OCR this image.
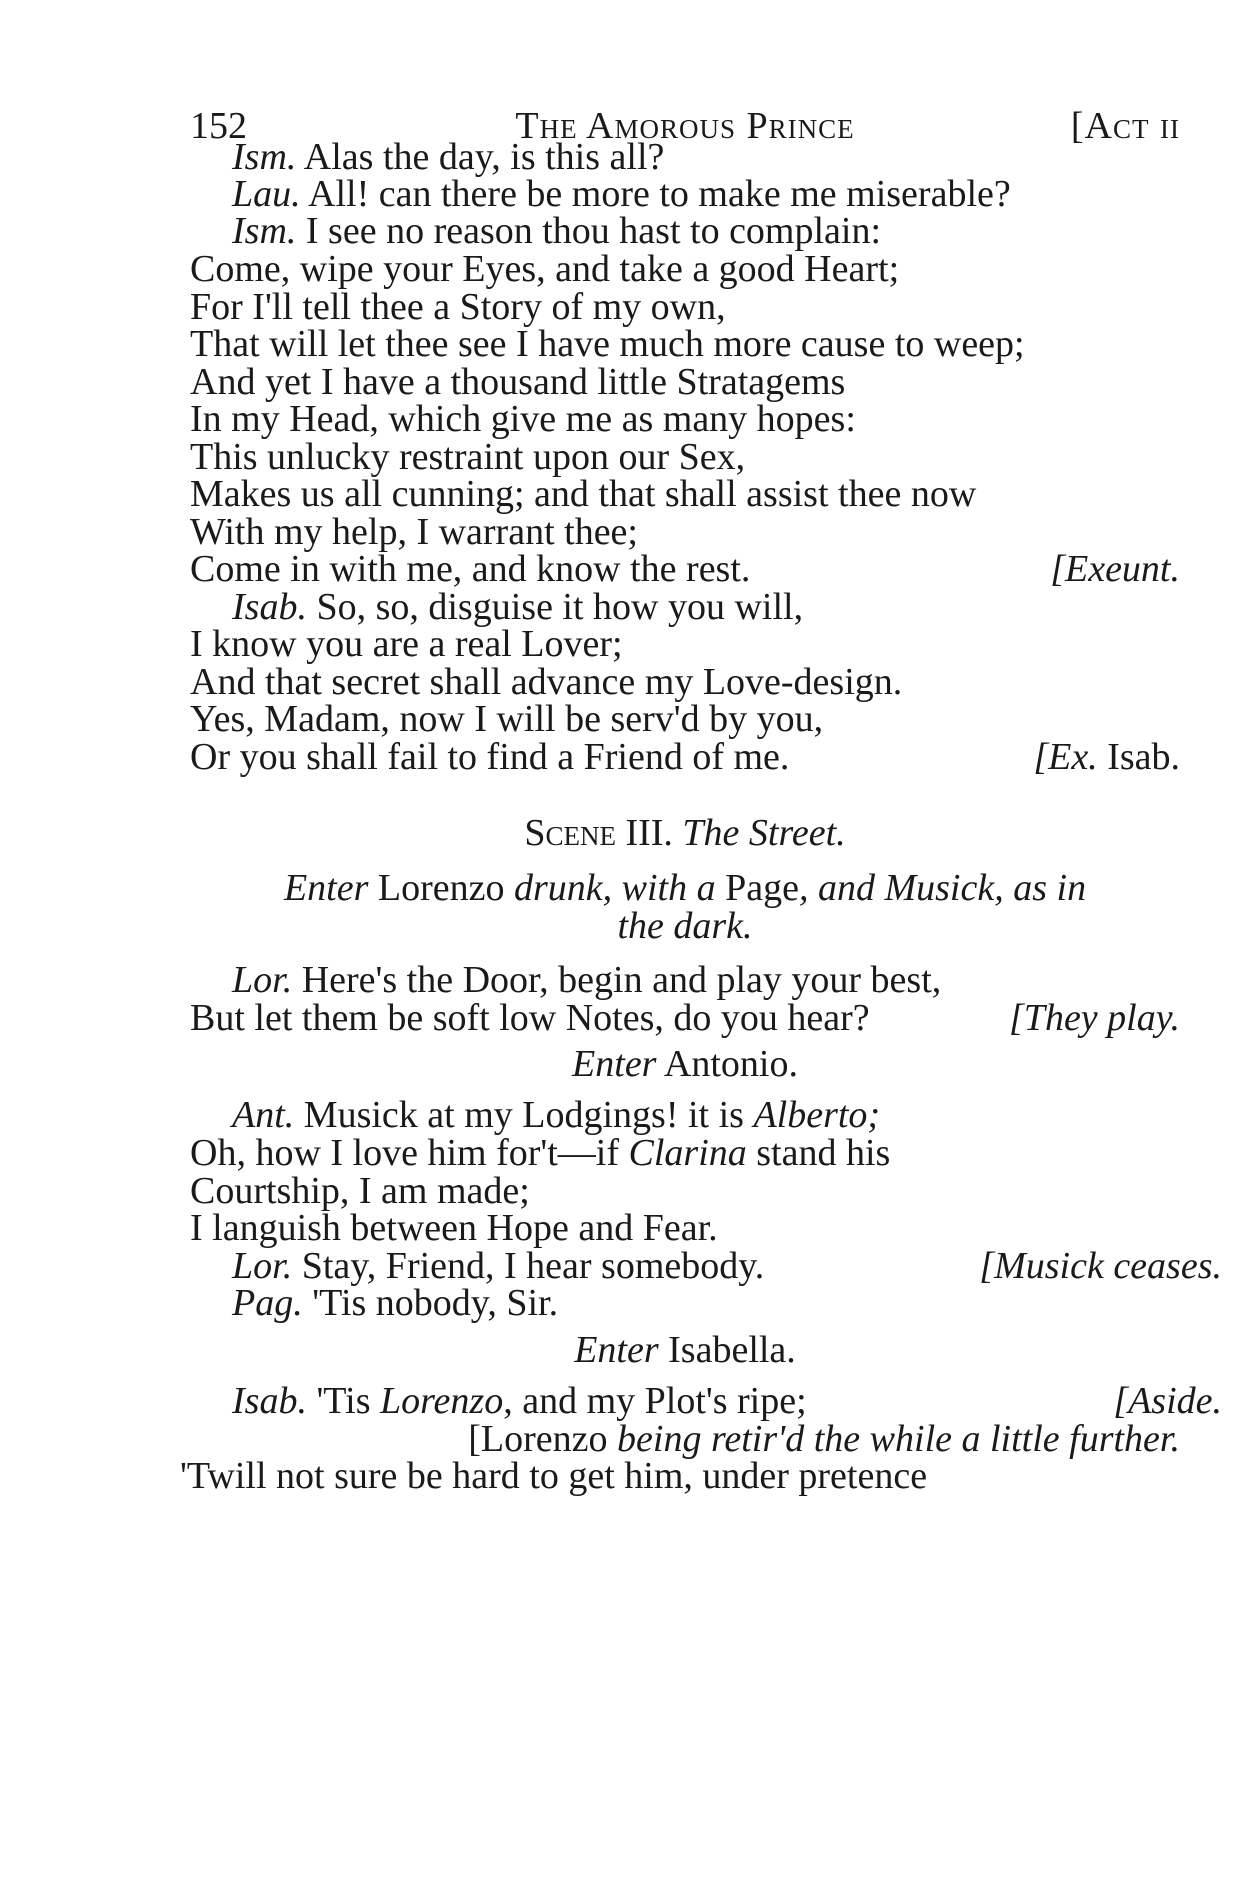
152	The Amorous Prince	[Act ii
Ism. Alas the day, is this all?
Lau. All! can there be more to make me miserable?
Ism. I see no reason thou hast to complain:
Come, wipe your Eyes, and take a good Heart;
For I'll tell thee a Story of my own,
That will let thee see I have much more cause to weep;
And yet I have a thousand little Stratagems
In my Head, which give me as many hopes:
This unlucky restraint upon our Sex,
Makes us all cunning; and that shall assist thee now
With my help, I warrant thee;
Come in with me, and know the rest.	[Exeunt.
Isab. So, so, disguise it how you will,
I know you are a real Lover;
And that secret shall advance my Love-design.
Yes, Madam, now I will be serv'd by you,
Or you shall fail to find a Friend of me.	[Ex. Isab.
Scene III. The Street.
Enter Lorenzo drunk, with a Page, and Musick, as in
the dark.
Lor. Here's the Door, begin and play your best,
But let them be soft low Notes, do you hear?	[They play.
Enter Antonio.
Ant. Musick at my Lodgings! it is Alberto;
Oh, how I love him for't—if Clarina stand his
Courtship, I am made;
I languish between Hope and Fear.
Lor. Stay, Friend, I hear somebody.	[Musick ceases.
Pag. 'Tis nobody, Sir.
Enter Isabella.
Isab. 'Tis Lorenzo, and my Plot's ripe;	[Aside.
[Lorenzo being retir'd the while a little further.
'Twill not sure be hard to get him, under pretence
